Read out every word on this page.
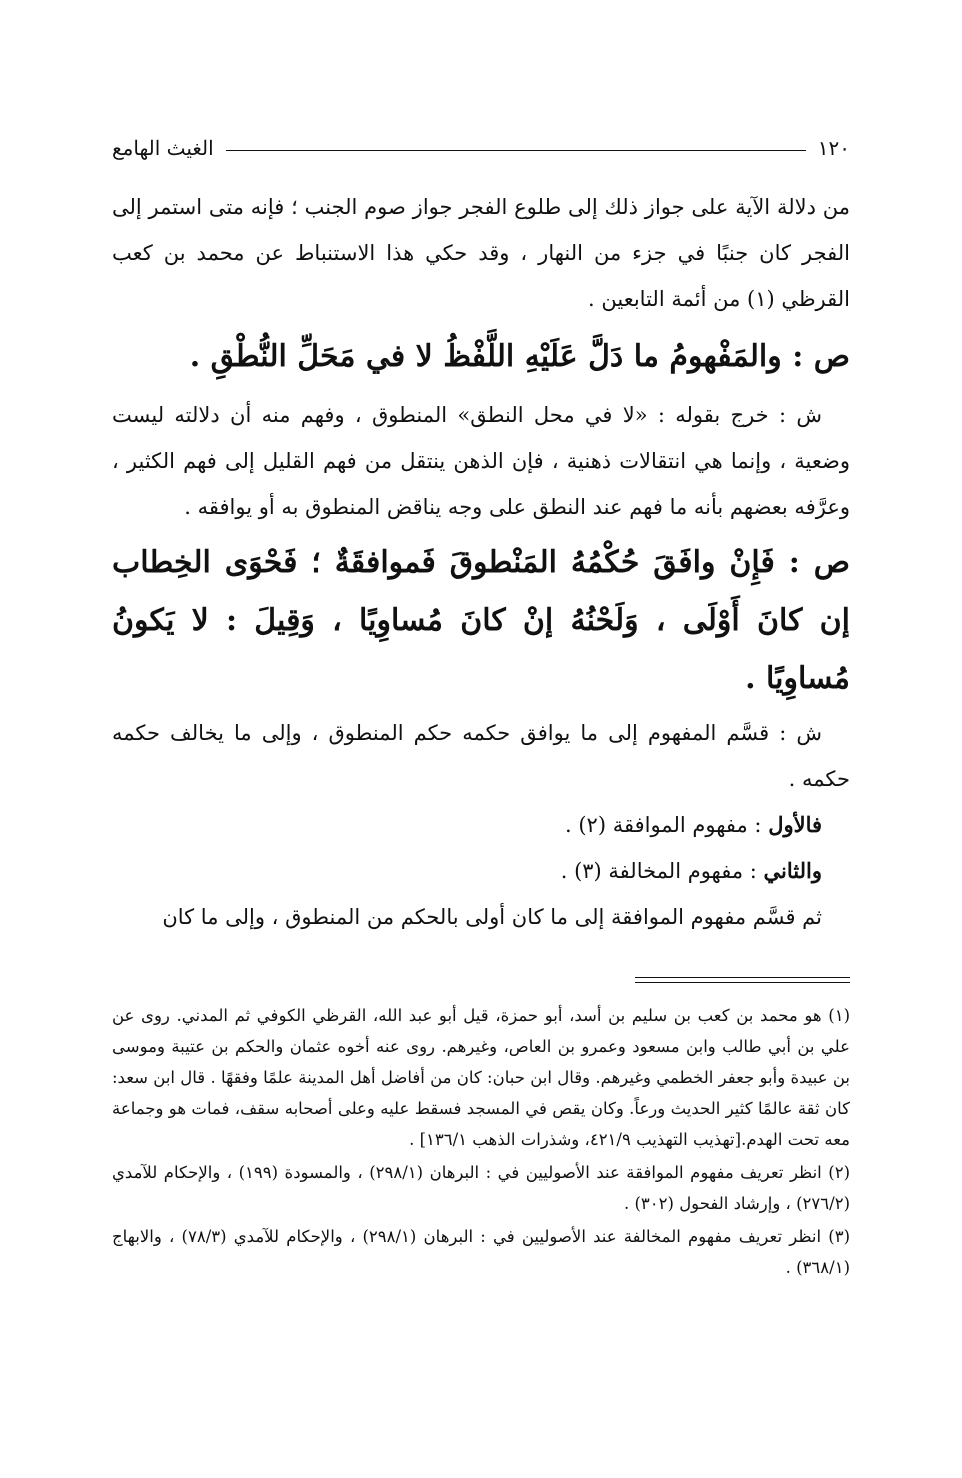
١٢٠
الغيث الهامع

من دلالة الآية على جواز ذلك إلى طلوع الفجر جواز صوم الجنب ؛ فإنه متى استمر إلى الفجر كان جنبًا في جزء من النهار ، وقد حكي هذا الاستنباط عن محمد بن كعب القرظي (١) من أئمة التابعين .

ص : والمَفْهومُ ما دَلَّ عَلَيْهِ اللَّفْظُ لا في مَحَلِّ النُّطْقِ .

ش : خرج بقوله : «لا في محل النطق» المنطوق ، وفهم منه أن دلالته ليست وضعية ، وإنما هي انتقالات ذهنية ، فإن الذهن ينتقل من فهم القليل إلى فهم الكثير ، وعرَّفه بعضهم بأنه ما فهم عند النطق على وجه يناقض المنطوق به أو يوافقه .

ص : فَإِنْ وافَقَ حُكْمُهُ المَنْطوقَ فَموافقَةٌ ؛ فَحْوَى الخِطاب إن كانَ أَوْلَى ، وَلَحْنُهُ إنْ كانَ مُساوِيًا ، وَقِيلَ : لا يَكونُ مُساوِيًا .

ش : قسَّم المفهوم إلى ما يوافق حكمه حكم المنطوق ، وإلى ما يخالف حكمه حكمه .

فالأول : مفهوم الموافقة (٢) .

والثاني : مفهوم المخالفة (٣) .

ثم قسَّم مفهوم الموافقة إلى ما كان أولى بالحكم من المنطوق ، وإلى ما كان

(١) هو محمد بن كعب بن سليم بن أسد، أبو حمزة، قيل أبو عبد الله، القرظي الكوفي ثم المدني. روى عن علي بن أبي طالب وابن مسعود وعمرو بن العاص، وغيرهم. روى عنه أخوه عثمان والحكم بن عتيبة وموسى بن عبيدة وأبو جعفر الخطمي وغيرهم. وقال ابن حبان: كان من أفاضل أهل المدينة علمًا وفقهًا . قال ابن سعد: كان ثقة عالمًا كثير الحديث ورعاً. وكان يقص في المسجد فسقط عليه وعلى أصحابه سقف، فمات هو وجماعة معه تحت الهدم.[تهذيب التهذيب ٤٢١/٩، وشذرات الذهب ١٣٦/١] .

(٢) انظر تعريف مفهوم الموافقة عند الأصوليين في : البرهان (٢٩٨/١) ، والمسودة (١٩٩) ، والإحكام للآمدي (٢٧٦/٢) ، وإرشاد الفحول (٣٠٢) .

(٣) انظر تعريف مفهوم المخالفة عند الأصوليين في : البرهان (٢٩٨/١) ، والإحكام للآمدي (٧٨/٣) ، والابهاج (٣٦٨/١) .
